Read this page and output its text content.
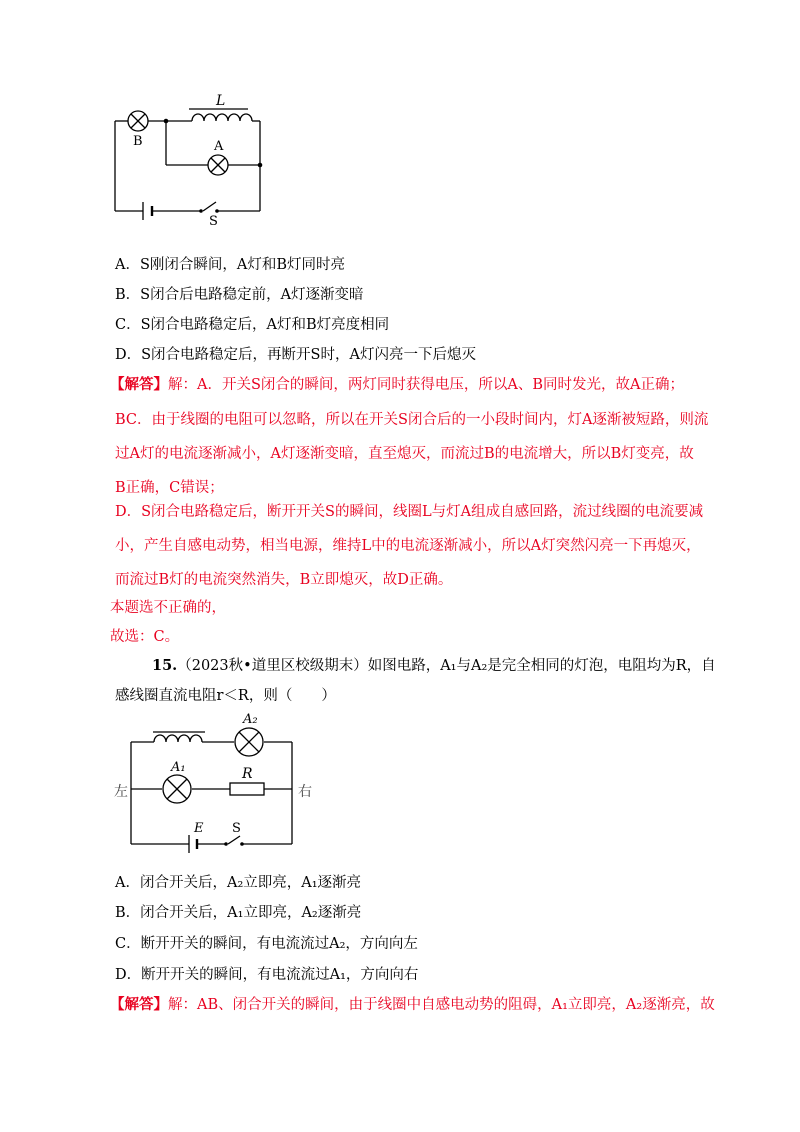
L
A
B
S
A．S刚闭合瞬间，A灯和B灯同时亮
B．S闭合后电路稳定前，A灯逐渐变暗
C．S闭合电路稳定后，A灯和B灯亮度相同
D．S闭合电路稳定后，再断开S时，A灯闪亮一下后熄灭
【解答】解：A．开关S闭合的瞬间，两灯同时获得电压，所以A、B同时发光，故A正确；
BC．由于线圈的电阻可以忽略，所以在开关S闭合后的一小段时间内，灯A逐渐被短路，则流
过A灯的电流逐渐减小，A灯逐渐变暗，直至熄灭，而流过B的电流增大，所以B灯变亮，故
B正确，C错误；
D．S闭合电路稳定后，断开开关S的瞬间，线圈L与灯A组成自感回路，流过线圈的电流要减
小，产生自感电动势，相当电源，维持L中的电流逐渐减小，所以A灯突然闪亮一下再熄灭，
而流过B灯的电流突然消失，B立即熄灭，故D正确。
本题选不正确的，
故选：C。
15.（2023秋•道里区校级期末）如图电路，A₁与A₂是完全相同的灯泡，电阻均为R，自
感线圈直流电阻r＜R，则（　　）
A₂
A₁	R
E S
左	右
A．闭合开关后，A₂立即亮，A₁逐渐亮
B．闭合开关后，A₁立即亮，A₂逐渐亮
C．断开开关的瞬间，有电流流过A₂，方向向左
D．断开开关的瞬间，有电流流过A₁，方向向右
【解答】解：AB、闭合开关的瞬间，由于线圈中自感电动势的阻碍，A₁立即亮，A₂逐渐亮，故
